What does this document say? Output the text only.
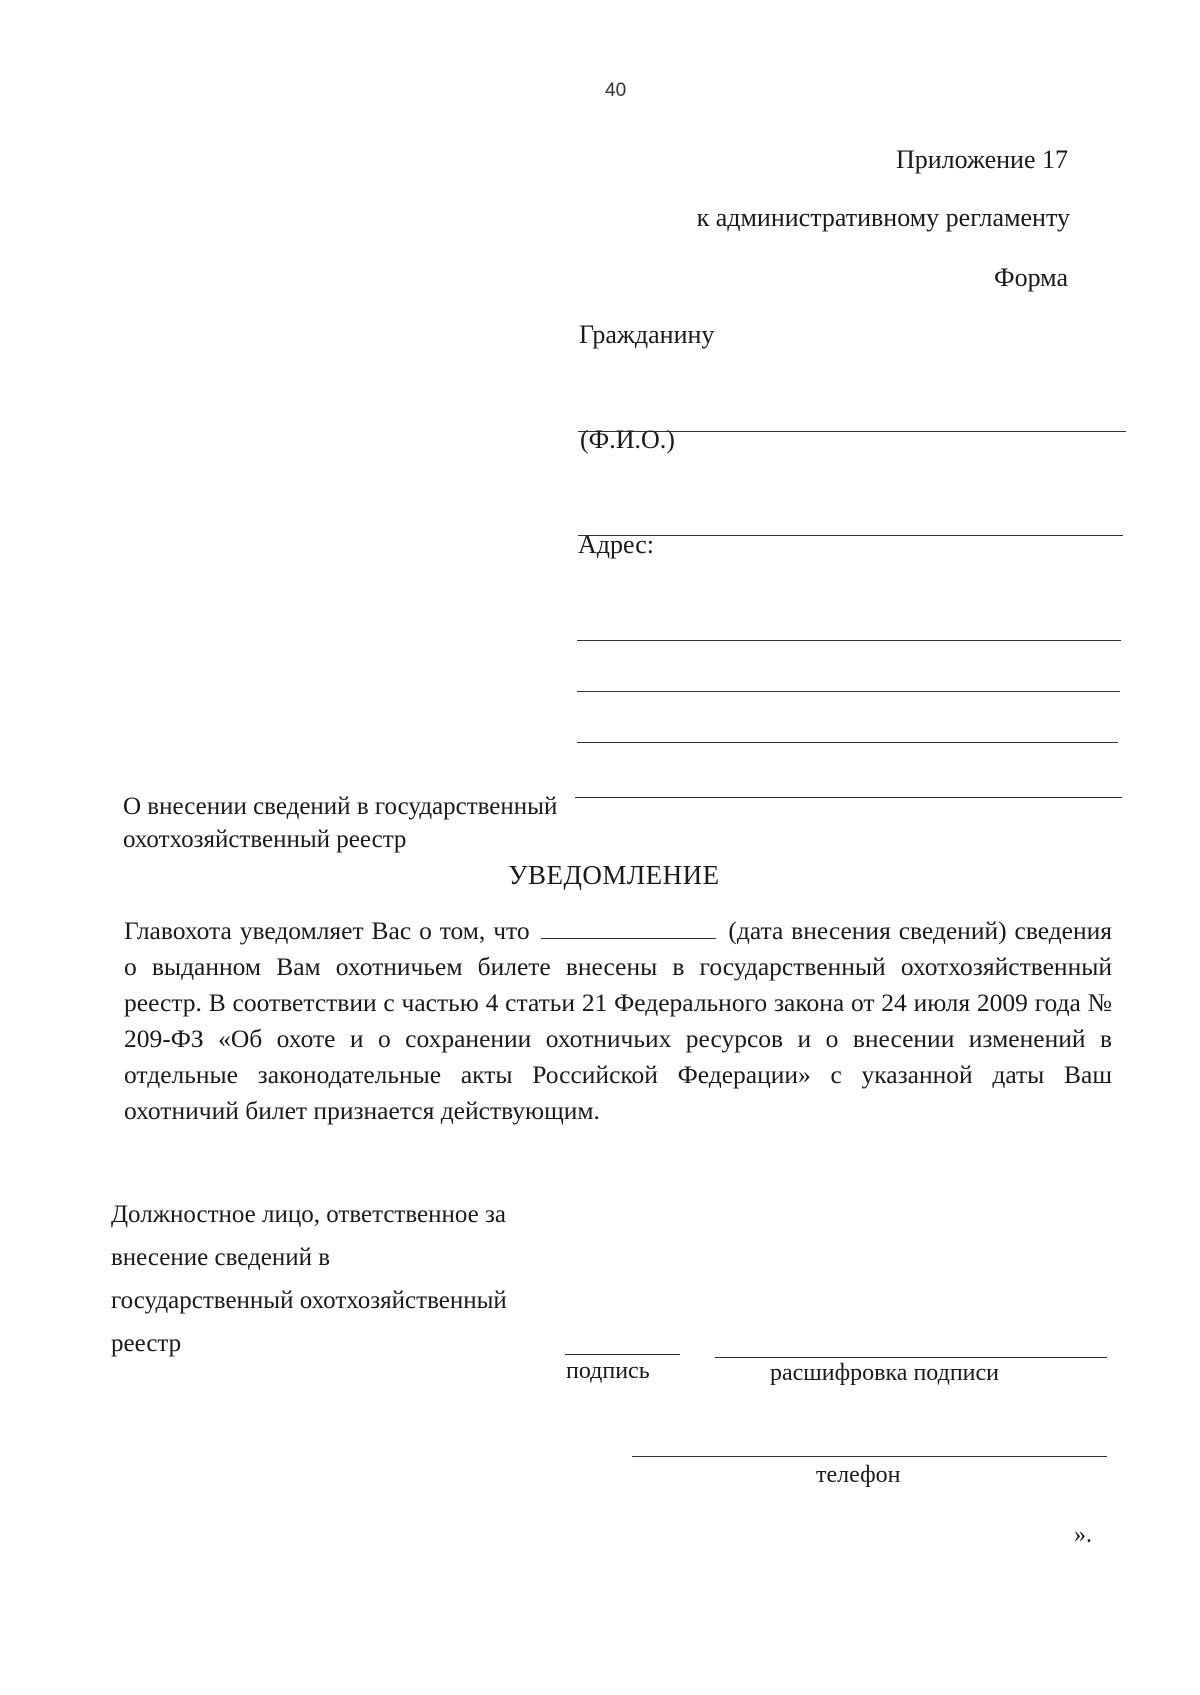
40
Приложение 17
к административному регламенту
Форма
Гражданину
(Ф.И.О.)
Адрес:
О внесении сведений в государственный
охотхозяйственный реестр
УВЕДОМЛЕНИЕ
Главохота уведомляет Вас о том, что	(дата внесения сведений) сведения о выданном Вам охотничьем билете внесены в государственный охотхозяйственный реестр. В соответствии с частью 4 статьи 21 Федерального закона от 24 июля 2009 года № 209-ФЗ «Об охоте и о сохранении охотничьих ресурсов и о внесении изменений в отдельные законодательные акты Российской Федерации» с указанной даты Ваш охотничий билет признается действующим.
Должностное лицо, ответственное за
внесение сведений в
государственный охотхозяйственный
реестр
подпись	расшифровка подписи
телефон
».
